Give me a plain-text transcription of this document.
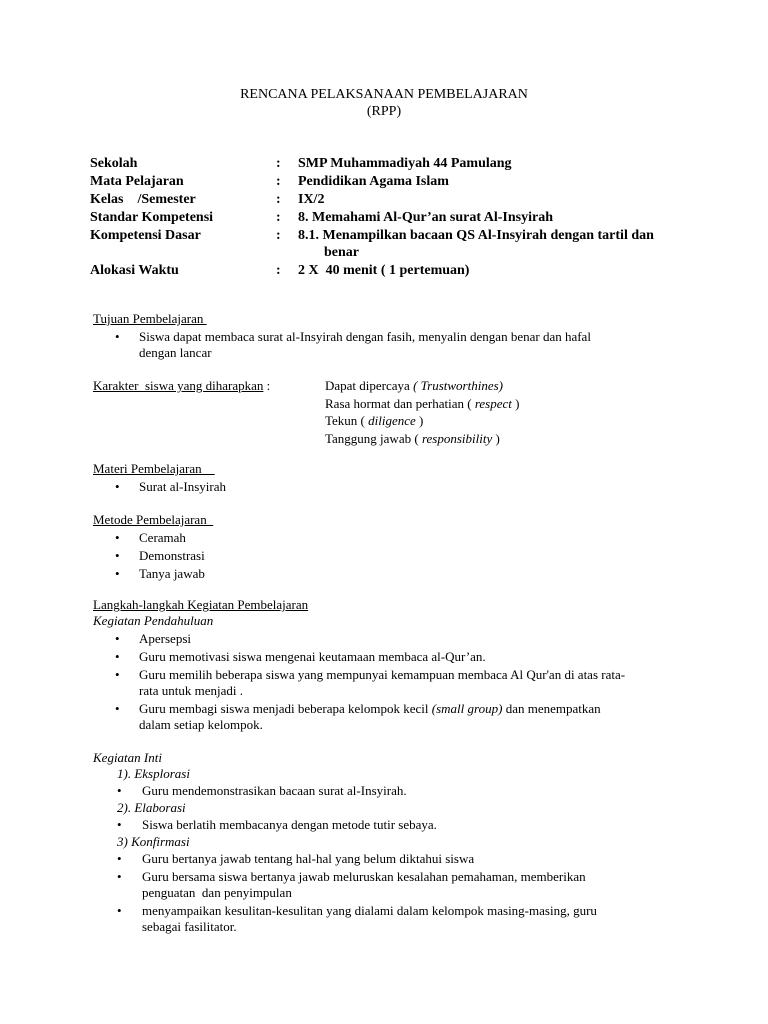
RENCANA PELAKSANAAN PEMBELAJARAN
(RPP)
Sekolah	: SMP Muhammadiyah 44 Pamulang
Mata Pelajaran	: Pendidikan Agama Islam
Kelas    /Semester	: IX/2
Standar Kompetensi	: 8. Memahami Al-Qur’an surat Al-Insyirah
Kompetensi Dasar	: 8.1. Menampilkan bacaan QS Al-Insyirah dengan tartil dan
benar
Alokasi Waktu	: 2 X  40 menit ( 1 pertemuan)
Tujuan Pembelajaran
•	Siswa dapat membaca surat al-Insyirah dengan fasih, menyalin dengan benar dan hafal
dengan lancar
Karakter  siswa yang diharapkan :	Dapat dipercaya ( Trustworthines)
Rasa hormat dan perhatian ( respect )
Tekun ( diligence )
Tanggung jawab ( responsibility )
Materi Pembelajaran
•	Surat al-Insyirah
Metode Pembelajaran
•	Ceramah
•	Demonstrasi
•	Tanya jawab
Langkah-langkah Kegiatan Pembelajaran
Kegiatan Pendahuluan
•	Apersepsi
•	Guru memotivasi siswa mengenai keutamaan membaca al-Qur’an.
•	Guru memilih beberapa siswa yang mempunyai kemampuan membaca Al Qur'an di atas rata-
rata untuk menjadi .
•	Guru membagi siswa menjadi beberapa kelompok kecil (small group) dan menempatkan
dalam setiap kelompok.
Kegiatan Inti
1). Eksplorasi
•	Guru mendemonstrasikan bacaan surat al-Insyirah.
2). Elaborasi
•	Siswa berlatih membacanya dengan metode tutir sebaya.
3) Konfirmasi
•	Guru bertanya jawab tentang hal-hal yang belum diktahui siswa
•	Guru bersama siswa bertanya jawab meluruskan kesalahan pemahaman, memberikan
penguatan  dan penyimpulan
•	menyampaikan kesulitan-kesulitan yang dialami dalam kelompok masing-masing, guru
sebagai fasilitator.
